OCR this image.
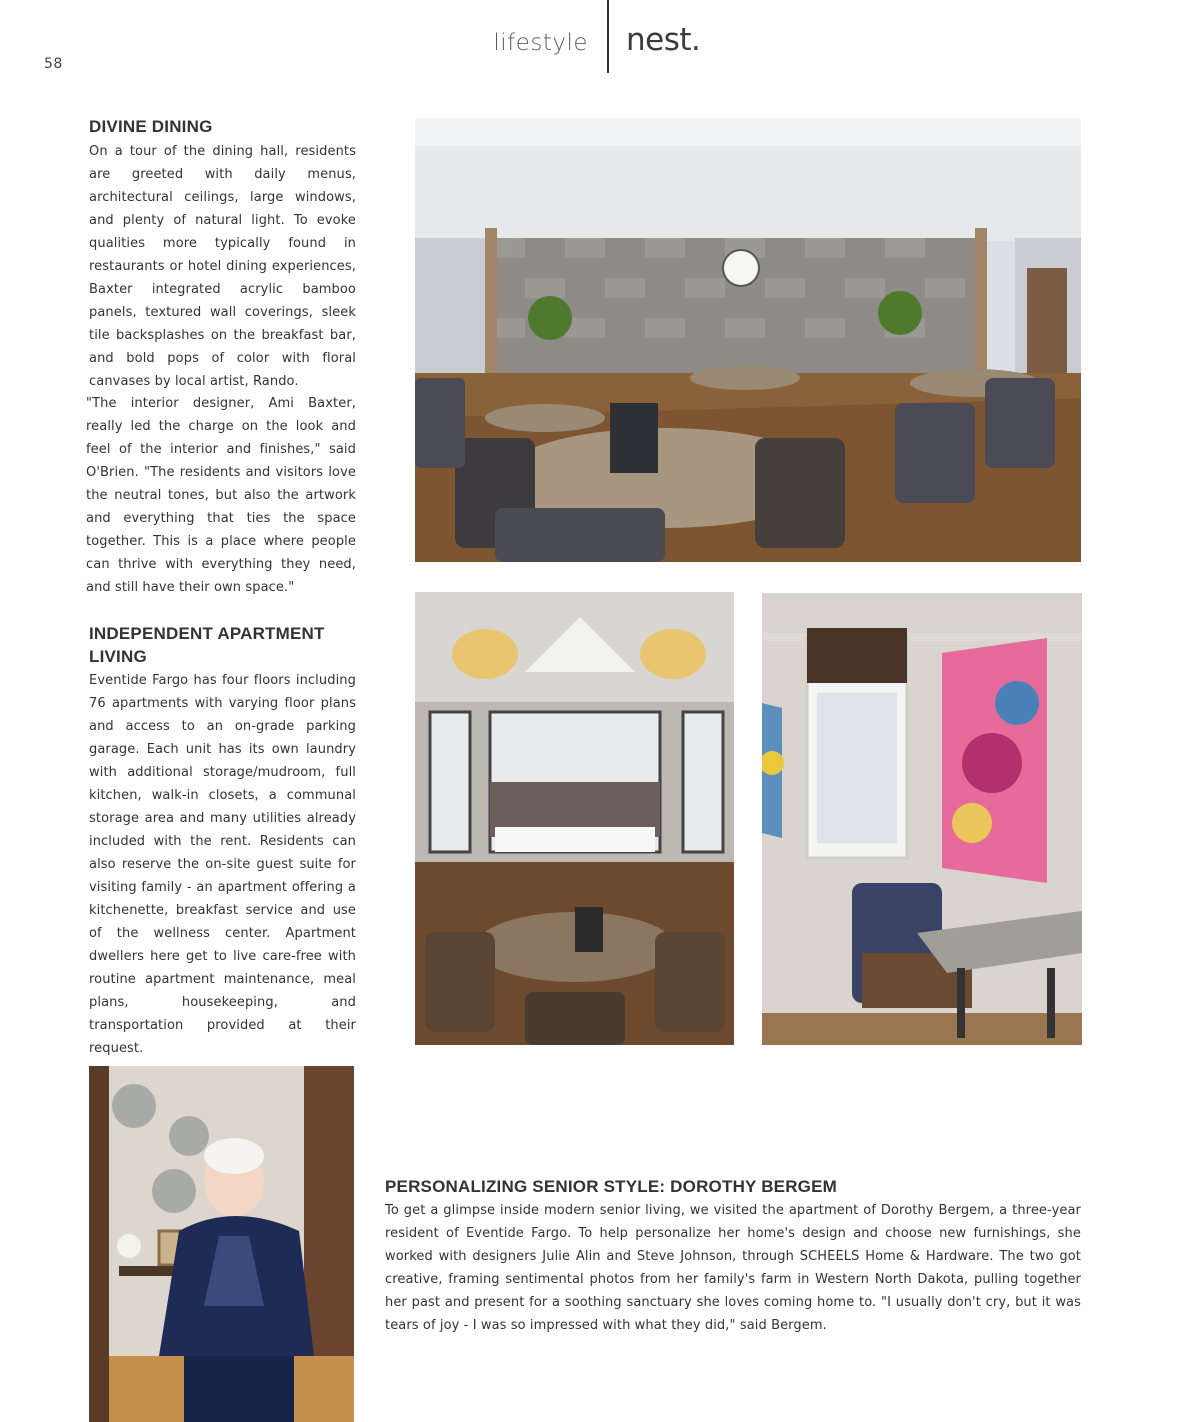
58
lifestyle nest.
DIVINE DINING

On a tour of the dining hall, residents are greeted with daily menus, architectural ceilings, large windows, and plenty of natural light. To evoke qualities more typically found in restaurants or hotel dining experiences, Baxter integrated acrylic bamboo panels, textured wall coverings, sleek tile backsplashes on the breakfast bar, and bold pops of color with floral canvases by local artist, Rando.

"The interior designer, Ami Baxter, really led the charge on the look and feel of the interior and finishes," said O'Brien. "The residents and visitors love the neutral tones, but also the artwork and everything that ties the space together. This is a place where people can thrive with everything they need, and still have their own space."

INDEPENDENT APARTMENT LIVING

Eventide Fargo has four floors including 76 apartments with varying floor plans and access to an on-grade parking garage. Each unit has its own laundry with additional storage/mudroom, full kitchen, walk-in closets, a communal storage area and many utilities already included with the rent. Residents can also reserve the on-site guest suite for visiting family - an apartment offering a kitchenette, breakfast service and use of the wellness center. Apartment dwellers here get to live care-free with routine apartment maintenance, meal plans, housekeeping, and transportation provided at their request.

PERSONALIZING SENIOR STYLE: DOROTHY BERGEM

To get a glimpse inside modern senior living, we visited the apartment of Dorothy Bergem, a three-year resident of Eventide Fargo. To help personalize her home's design and choose new furnishings, she worked with designers Julie Alin and Steve Johnson, through SCHEELS Home & Hardware. The two got creative, framing sentimental photos from her family's farm in Western North Dakota, pulling together her past and present for a soothing sanctuary she loves coming home to. "I usually don't cry, but it was tears of joy - I was so impressed with what they did," said Bergem.
